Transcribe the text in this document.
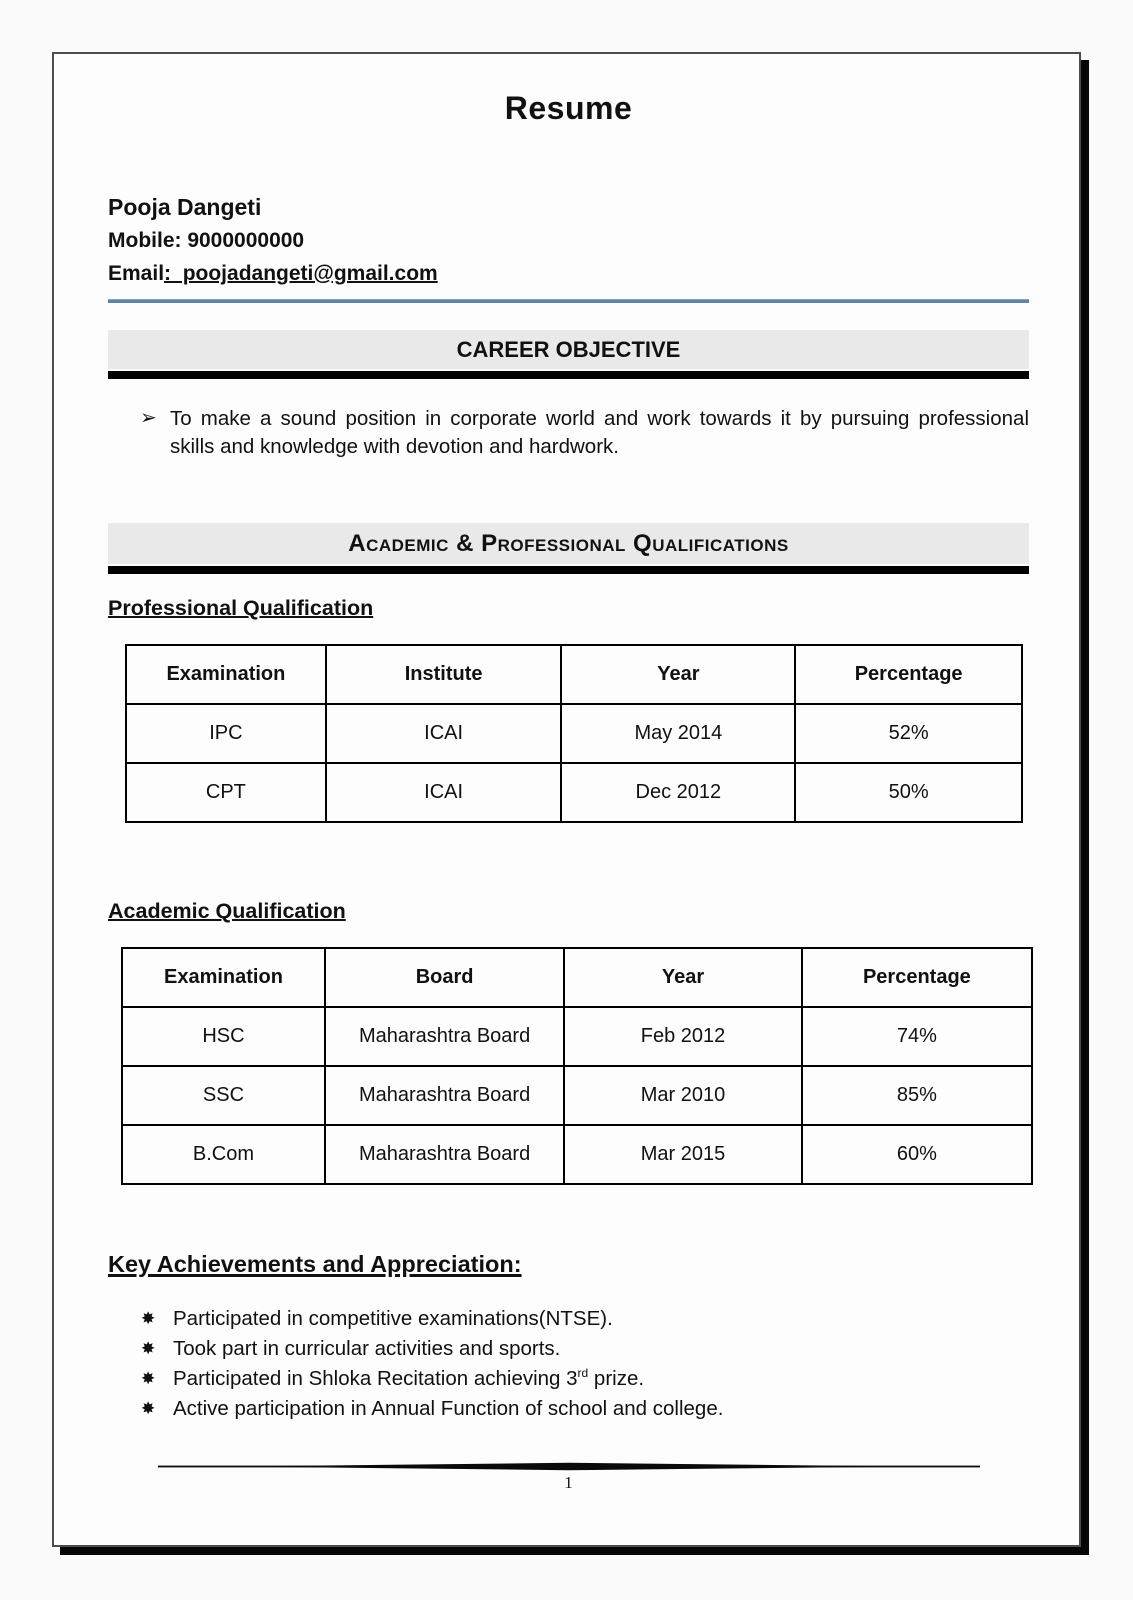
Resume
Pooja Dangeti
Mobile: 9000000000
Email:  poojadangeti@gmail.com
CAREER OBJECTIVE
➢ To make a sound position in corporate world and work towards it by pursuing professional skills and knowledge with devotion and hardwork.
Academic & Professional Qualifications
Professional Qualification
Examination	Institute	Year	Percentage
IPC	ICAI	May 2014	52%
CPT	ICAI	Dec 2012	50%
Academic Qualification
Examination	Board	Year	Percentage
HSC	Maharashtra Board	Feb 2012	74%
SSC	Maharashtra Board	Mar 2010	85%
B.Com	Maharashtra Board	Mar 2015	60%
Key Achievements and Appreciation:
✸ Participated in competitive examinations(NTSE).
✸ Took part in curricular activities and sports.
✸ Participated in Shloka Recitation achieving 3rd prize.
✸ Active participation in Annual Function of school and college.
1
